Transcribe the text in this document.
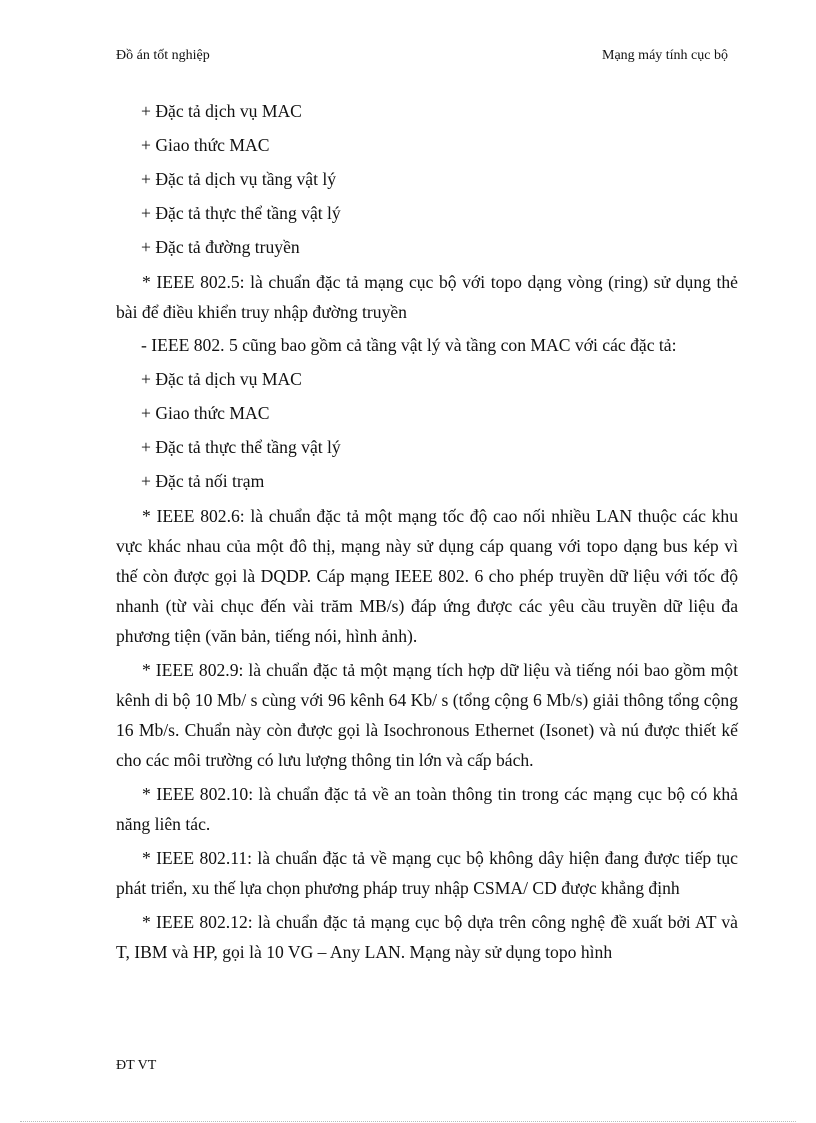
Đồ án tốt nghiệp	Mạng máy tính cục bộ
+ Đặc tả dịch vụ MAC
+ Giao thức MAC
+ Đặc tả dịch vụ tầng vật lý
+ Đặc tả thực thể tầng vật lý
+ Đặc tả đường truyền

* IEEE 802.5: là chuẩn đặc tả mạng cục bộ với topo dạng vòng (ring) sử dụng thẻ bài để điều khiển truy nhập đường truyền

- IEEE 802. 5 cũng bao gồm cả tầng vật lý và tầng con MAC với các đặc tả:
+ Đặc tả dịch vụ MAC
+ Giao thức MAC
+ Đặc tả thực thể tầng vật lý
+ Đặc tả nối trạm

* IEEE 802.6: là chuẩn đặc tả một mạng tốc độ cao nối nhiều LAN thuộc các khu vực khác nhau của một đô thị, mạng này sử dụng cáp quang với topo dạng bus kép vì thế còn được gọi là DQDP. Cáp mạng IEEE 802. 6 cho phép truyền dữ liệu với tốc độ nhanh (từ vài chục đến vài trăm MB/s) đáp ứng được các yêu cầu truyền dữ liệu đa phương tiện (văn bản, tiếng nói, hình ảnh).

* IEEE 802.9: là chuẩn đặc tả một mạng tích hợp dữ liệu và tiếng nói bao gồm một kênh di bộ 10 Mb/ s cùng với 96 kênh 64 Kb/ s (tổng cộng 6 Mb/s) giải thông tổng cộng 16 Mb/s. Chuẩn này còn được gọi là Isochronous Ethernet (Isonet) và nú được thiết kế cho các môi trường có lưu lượng thông tin lớn và cấp bách.

* IEEE 802.10: là chuẩn đặc tả về an toàn thông tin trong các mạng cục bộ có khả năng liên tác.

* IEEE 802.11: là chuẩn đặc tả về mạng cục bộ không dây hiện đang được tiếp tục phát triển, xu thế lựa chọn phương pháp truy nhập CSMA/ CD được khẳng định

* IEEE 802.12: là chuẩn đặc tả mạng cục bộ dựa trên công nghệ đề xuất bởi AT và T, IBM và HP, gọi là 10 VG – Any LAN. Mạng này sử dụng topo hình

ĐT VT
